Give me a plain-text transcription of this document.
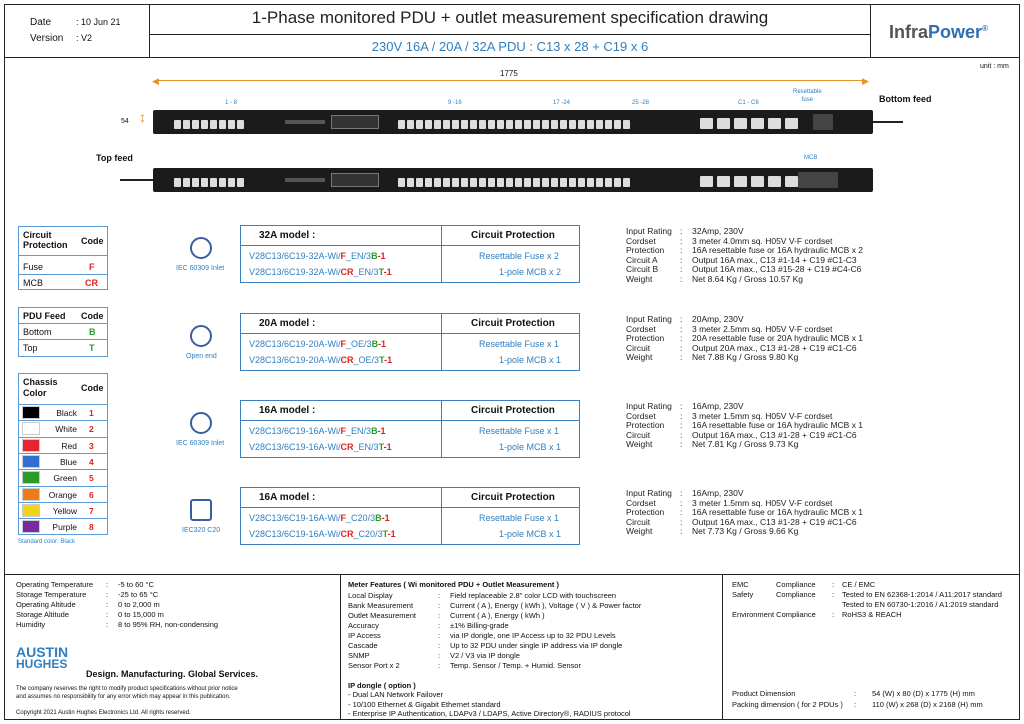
Date	: 10 Jun 21
Version : V2
1-Phase monitored PDU + outlet measurement specification drawing
230V 16A / 20A / 32A PDU : C13 x 28 + C19 x 6
InfraPower®
unit : mm
◀	▶
1775
1 - 8	9 -16	17 -24	25 -28	C1 - C6
Resettable
fuse	Bottom feed
Top feed	MCB
↕
54
Circuit Protection	Code
Fuse	F
MCB	CR
PDU Feed Code
Bottom	B
Top	T
Chassis Color	Code
Black 1
White 2
Red 3
Blue 4
Green 5
Orange 6
Yellow 7
Purple 8
Standard color: Black
IEC 60309 Inlet
32A model :	Circuit Protection
V28C13/6C19-32A-Wi/F_EN/3B-1	Resettable Fuse x 2
V28C13/6C19-32A-Wi/CR_EN/3T-1	1-pole MCB x 2
Input Rating : 32Amp, 230V
Cordset	: 3 meter 4.0mm sq. H05V V-F cordset
Protection : 16A resettable fuse or 16A hydraulic MCB x 2
Circuit A	: Output 16A max., C13 #1-14 + C19 #C1-C3
Circuit B	: Output 16A max., C13 #15-28 + C19 #C4-C6
Weight	: Net 8.64 Kg / Gross 10.57 Kg
Open end
20A model :	Circuit Protection
V28C13/6C19-20A-Wi/F_OE/3B-1	Resettable Fuse x 1
V28C13/6C19-20A-Wi/CR_OE/3T-1	1-pole MCB x 1
Input Rating : 20Amp, 230V
Cordset	: 3 meter 2.5mm sq. H05V V-F cordset
Protection : 20A resettable fuse or 20A hydraulic MCB x 1
Circuit	: Output 20A max., C13 #1-28 + C19 #C1-C6
Weight	: Net 7.88 Kg / Gross 9.80 Kg
IEC 60309 Inlet
16A model :	Circuit Protection
V28C13/6C19-16A-Wi/F_EN/3B-1	Resettable Fuse x 1
V28C13/6C19-16A-Wi/CR_EN/3T-1	1-pole MCB x 1
Input Rating : 16Amp, 230V
Cordset	: 3 meter 1.5mm sq. H05V V-F cordset
Protection : 16A resettable fuse or 16A hydraulic MCB x 1
Circuit	: Output 16A max., C13 #1-28 + C19 #C1-C6
Weight	: Net 7.81 Kg / Gross 9.73 Kg
IEC320 C20
16A model :	Circuit Protection
V28C13/6C19-16A-Wi/F_C20/3B-1	Resettable Fuse x 1
V28C13/6C19-16A-Wi/CR_C20/3T-1	1-pole MCB x 1
Input Rating : 16Amp, 230V
Cordset	: 3 meter 1.5mm sq. H05V V-F cordset
Protection : 16A resettable fuse or 16A hydraulic MCB x 1
Circuit	: Output 16A max., C13 #1-28 + C19 #C1-C6
Weight	: Net 7.73 Kg / Gross 9.66 Kg
Operating Temperature : -5 to 60 °C
Storage Temperature	: -25 to 65 °C
Operating Altitude	: 0 to 2,000 m
Storage Altitude	: 0 to 15,000 m
Humidity	: 8 to 95% RH, non-condensing
AUSTIN
HUGHES
Design. Manufacturing. Global Services.
The company reserves the right to modify product specifications without prior notice
and assumes no responsibility for any error which may appear in this publication.
Copyright 2021 Austin Hughes Electronics Ltd. All rights reserved.
Meter Features ( Wi monitored PDU + Outlet Measurement )
Local Display	: Field replaceable 2.8" color LCD with touchscreen
Bank Measurement	: Current ( A ), Energy ( kWh ), Voltage ( V ) & Power factor
Outlet Measurement	: Current ( A ), Energy ( kWh )
Accuracy	: ±1% Billing-grade
IP Access	: via IP dongle, one IP Access up to 32 PDU Levels
Cascade	: Up to 32 PDU under single IP address via IP dongle
SNMP	: V2 / V3 via IP dongle
Sensor Port x 2	: Temp. Sensor / Temp. + Humid. Sensor
IP dongle ( option )
- Dual LAN Network Failover
- 10/100 Ethernet & Gigabit Ethernet standard
- Enterprise IP Authentication, LDAPv3 / LDAPS, Active Directory®, RADIUS protocol
EMC	Compliance : CE / EMC
Safety	Compliance : Tested to EN 62368-1:2014 / A11:2017 standard
Tested to EN 60730-1:2016 / A1:2019 standard
Environment Compliance : RoHS3 & REACH
Product Dimension	: 54 (W) x 80 (D) x 1775 (H) mm
Packing dimension ( for 2 PDUs ) : 110 (W) x 268 (D) x 2168 (H) mm
